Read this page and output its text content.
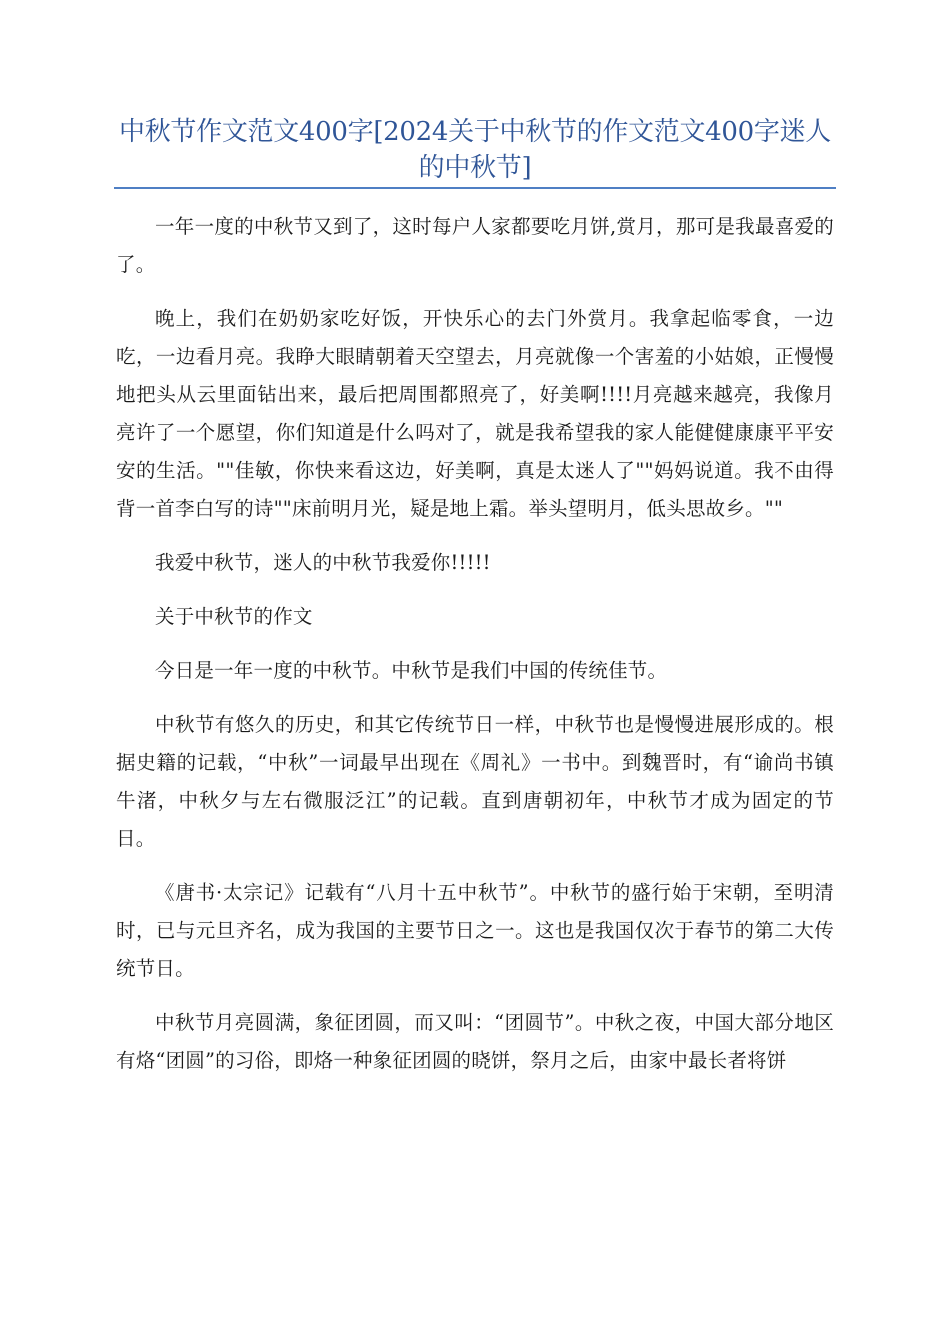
中秋节作文范文400字[2024关于中秋节的作文范文400字迷人的中秋节]

一年一度的中秋节又到了，这时每户人家都要吃月饼,赏月，那可是我最喜爱的了。

晚上，我们在奶奶家吃好饭，开快乐心的去门外赏月。我拿起临零食，一边吃，一边看月亮。我睁大眼睛朝着天空望去，月亮就像一个害羞的小姑娘，正慢慢地把头从云里面钻出来，最后把周围都照亮了，好美啊!!!!月亮越来越亮，我像月亮许了一个愿望，你们知道是什么吗对了，就是我希望我的家人能健健康康平平安安的生活。""佳敏，你快来看这边，好美啊，真是太迷人了""妈妈说道。我不由得背一首李白写的诗""床前明月光，疑是地上霜。举头望明月，低头思故乡。""

我爱中秋节，迷人的中秋节我爱你!!!!!

关于中秋节的作文

今日是一年一度的中秋节。中秋节是我们中国的传统佳节。

中秋节有悠久的历史，和其它传统节日一样，中秋节也是慢慢进展形成的。根据史籍的记载，“中秋”一词最早出现在《周礼》一书中。到魏晋时，有“谕尚书镇牛渚，中秋夕与左右微服泛江”的记载。直到唐朝初年，中秋节才成为固定的节日。

《唐书·太宗记》记载有“八月十五中秋节”。中秋节的盛行始于宋朝，至明清时，已与元旦齐名，成为我国的主要节日之一。这也是我国仅次于春节的第二大传统节日。

中秋节月亮圆满，象征团圆，而又叫：“团圆节”。中秋之夜，中国大部分地区有烙“团圆”的习俗，即烙一种象征团圆的晓饼，祭月之后，由家中最长者将饼
